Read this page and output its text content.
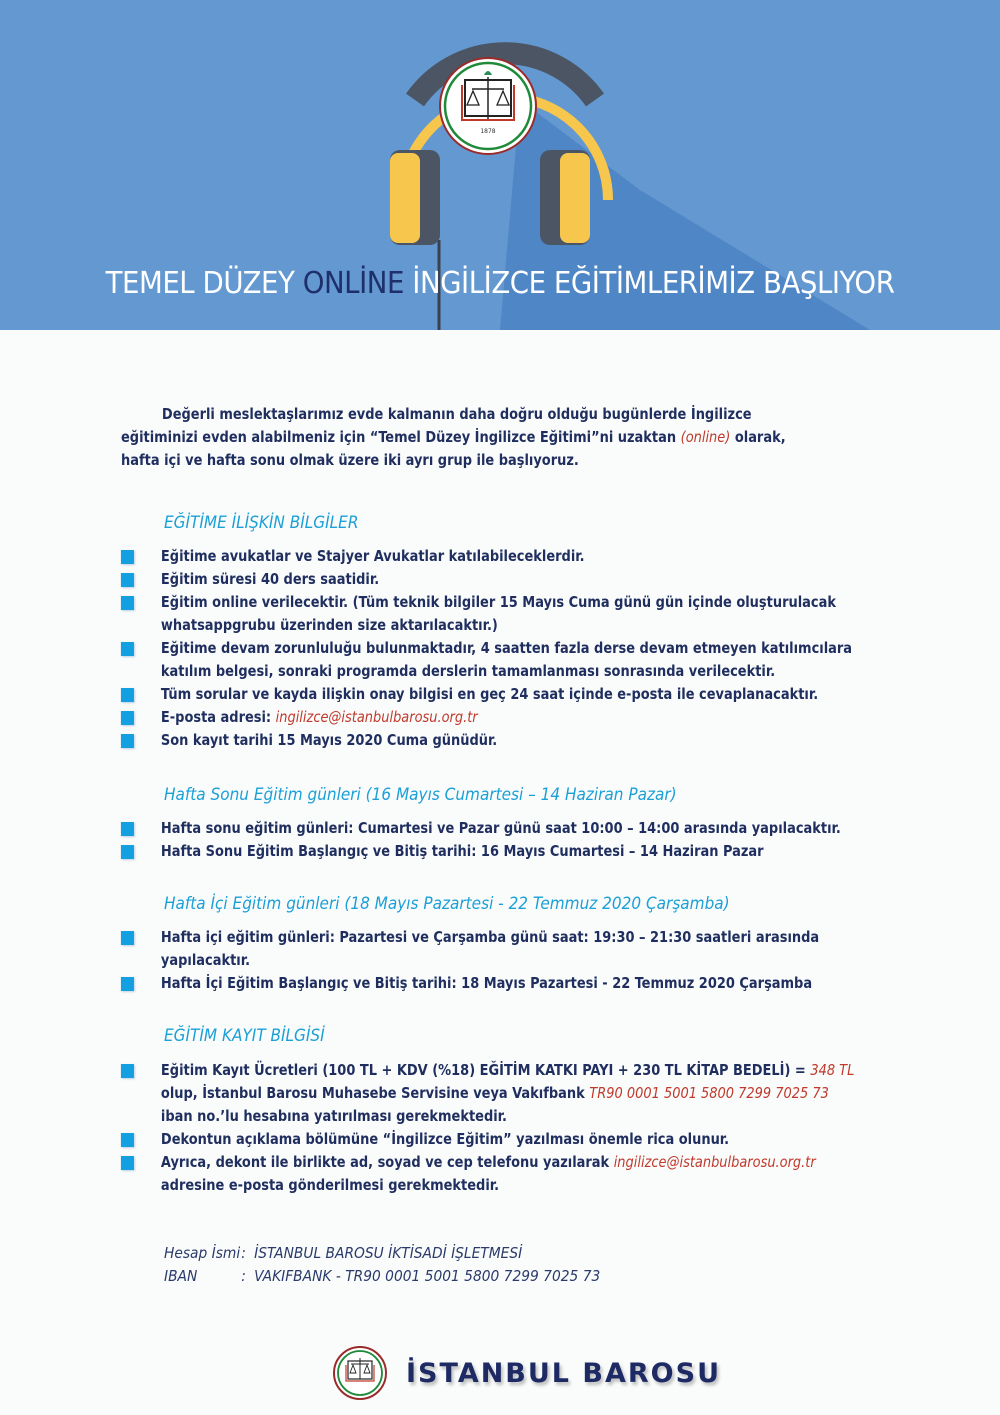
1878
TEMEL DÜZEY ONLİNE İNGİLİZCE EĞİTİMLERİMİZ BAŞLIYOR

Değerli meslektaşlarımız evde kalmanın daha doğru olduğu bugünlerde İngilizce eğitiminizi evden alabilmeniz için “Temel Düzey İngilizce Eğitimi”ni uzaktan (online) olarak, hafta içi ve hafta sonu olmak üzere iki ayrı grup ile başlıyoruz.

EĞİTİME İLİŞKİN BİLGİLER
Eğitime avukatlar ve Stajyer Avukatlar katılabileceklerdir.
Eğitim süresi 40 ders saatidir.
Eğitim online verilecektir. (Tüm teknik bilgiler 15 Mayıs Cuma günü gün içinde oluşturulacak whatsappgrubu üzerinden size aktarılacaktır.)
Eğitime devam zorunluluğu bulunmaktadır, 4 saatten fazla derse devam etmeyen katılımcılara katılım belgesi, sonraki programda derslerin tamamlanması sonrasında verilecektir.
Tüm sorular ve kayda ilişkin onay bilgisi en geç 24 saat içinde e-posta ile cevaplanacaktır.
E-posta adresi: ingilizce@istanbulbarosu.org.tr
Son kayıt tarihi 15 Mayıs 2020 Cuma günüdür.
Hafta Sonu Eğitim günleri (16 Mayıs Cumartesi – 14 Haziran Pazar)
Hafta sonu eğitim günleri: Cumartesi ve Pazar günü saat 10:00 – 14:00 arasında yapılacaktır.
Hafta Sonu Eğitim Başlangıç ve Bitiş tarihi: 16 Mayıs Cumartesi – 14 Haziran Pazar
Hafta İçi Eğitim günleri (18 Mayıs Pazartesi - 22 Temmuz 2020 Çarşamba)
Hafta içi eğitim günleri: Pazartesi ve Çarşamba günü saat: 19:30 – 21:30 saatleri arasında yapılacaktır.
Hafta İçi Eğitim Başlangıç ve Bitiş tarihi: 18 Mayıs Pazartesi - 22 Temmuz 2020 Çarşamba
EĞİTİM KAYIT BİLGİSİ
Eğitim Kayıt Ücretleri (100 TL + KDV (%18) EĞİTİM KATKI PAYI + 230 TL KİTAP BEDELİ) = 348 TL olup, İstanbul Barosu Muhasebe Servisine veya Vakıfbank TR90 0001 5001 5800 7299 7025 73 iban no.’lu hesabına yatırılması gerekmektedir.
Dekontun açıklama bölümüne “İngilizce Eğitim” yazılması önemle rica olunur.
Ayrıca, dekont ile birlikte ad, soyad ve cep telefonu yazılarak ingilizce@istanbulbarosu.org.tr adresine e-posta gönderilmesi gerekmektedir.
Hesap İsmi : İSTANBUL BAROSU İKTİSADİ İŞLETMESİ
IBAN	: VAKIFBANK - TR90 0001 5001 5800 7299 7025 73
İSTANBUL BAROSU
